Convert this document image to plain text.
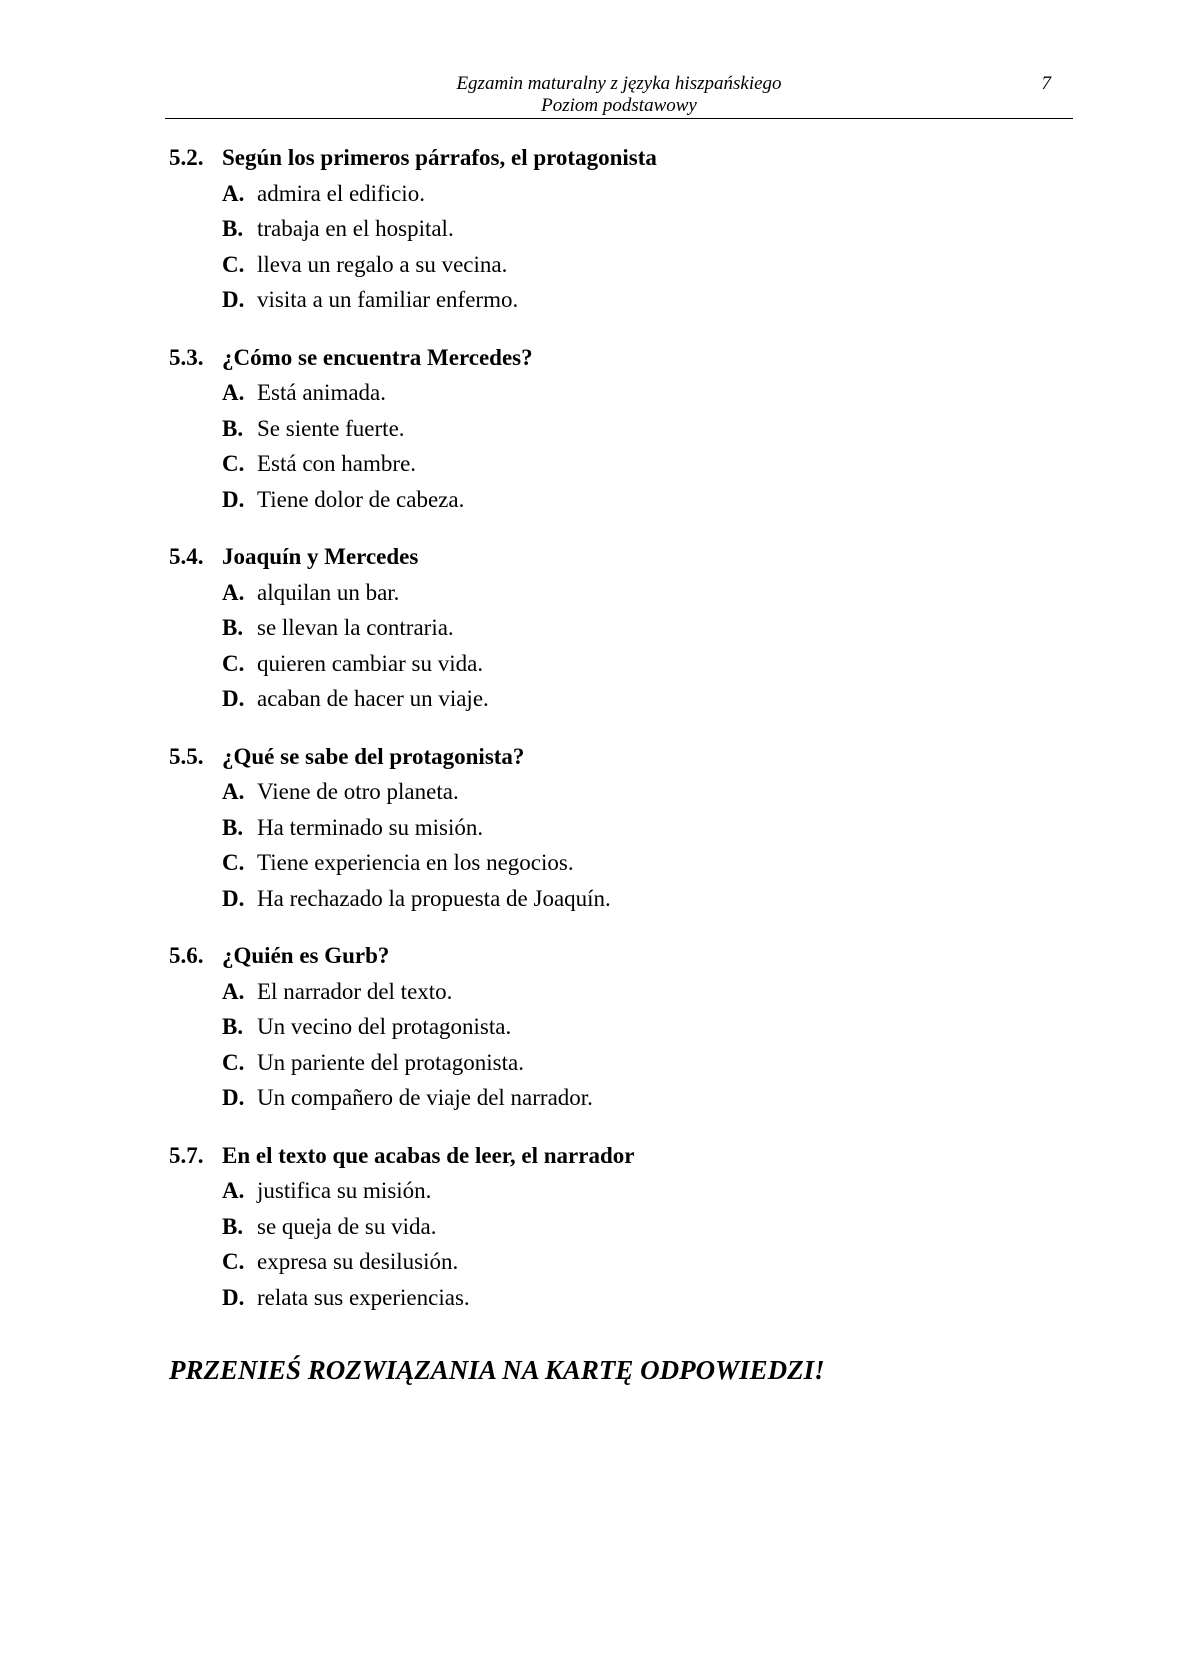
Egzamin maturalny z języka hiszpańskiego
Poziom podstawowy
7
5.2. Según los primeros párrafos, el protagonista
A. admira el edificio.
B. trabaja en el hospital.
C. lleva un regalo a su vecina.
D. visita a un familiar enfermo.
5.3. ¿Cómo se encuentra Mercedes?
A. Está animada.
B. Se siente fuerte.
C. Está con hambre.
D. Tiene dolor de cabeza.
5.4. Joaquín y Mercedes
A. alquilan un bar.
B. se llevan la contraria.
C. quieren cambiar su vida.
D. acaban de hacer un viaje.
5.5. ¿Qué se sabe del protagonista?
A. Viene de otro planeta.
B. Ha terminado su misión.
C. Tiene experiencia en los negocios.
D. Ha rechazado la propuesta de Joaquín.
5.6. ¿Quién es Gurb?
A. El narrador del texto.
B. Un vecino del protagonista.
C. Un pariente del protagonista.
D. Un compañero de viaje del narrador.
5.7. En el texto que acabas de leer, el narrador
A. justifica su misión.
B. se queja de su vida.
C. expresa su desilusión.
D. relata sus experiencias.
PRZENIEŚ ROZWIĄZANIA NA KARTĘ ODPOWIEDZI!
